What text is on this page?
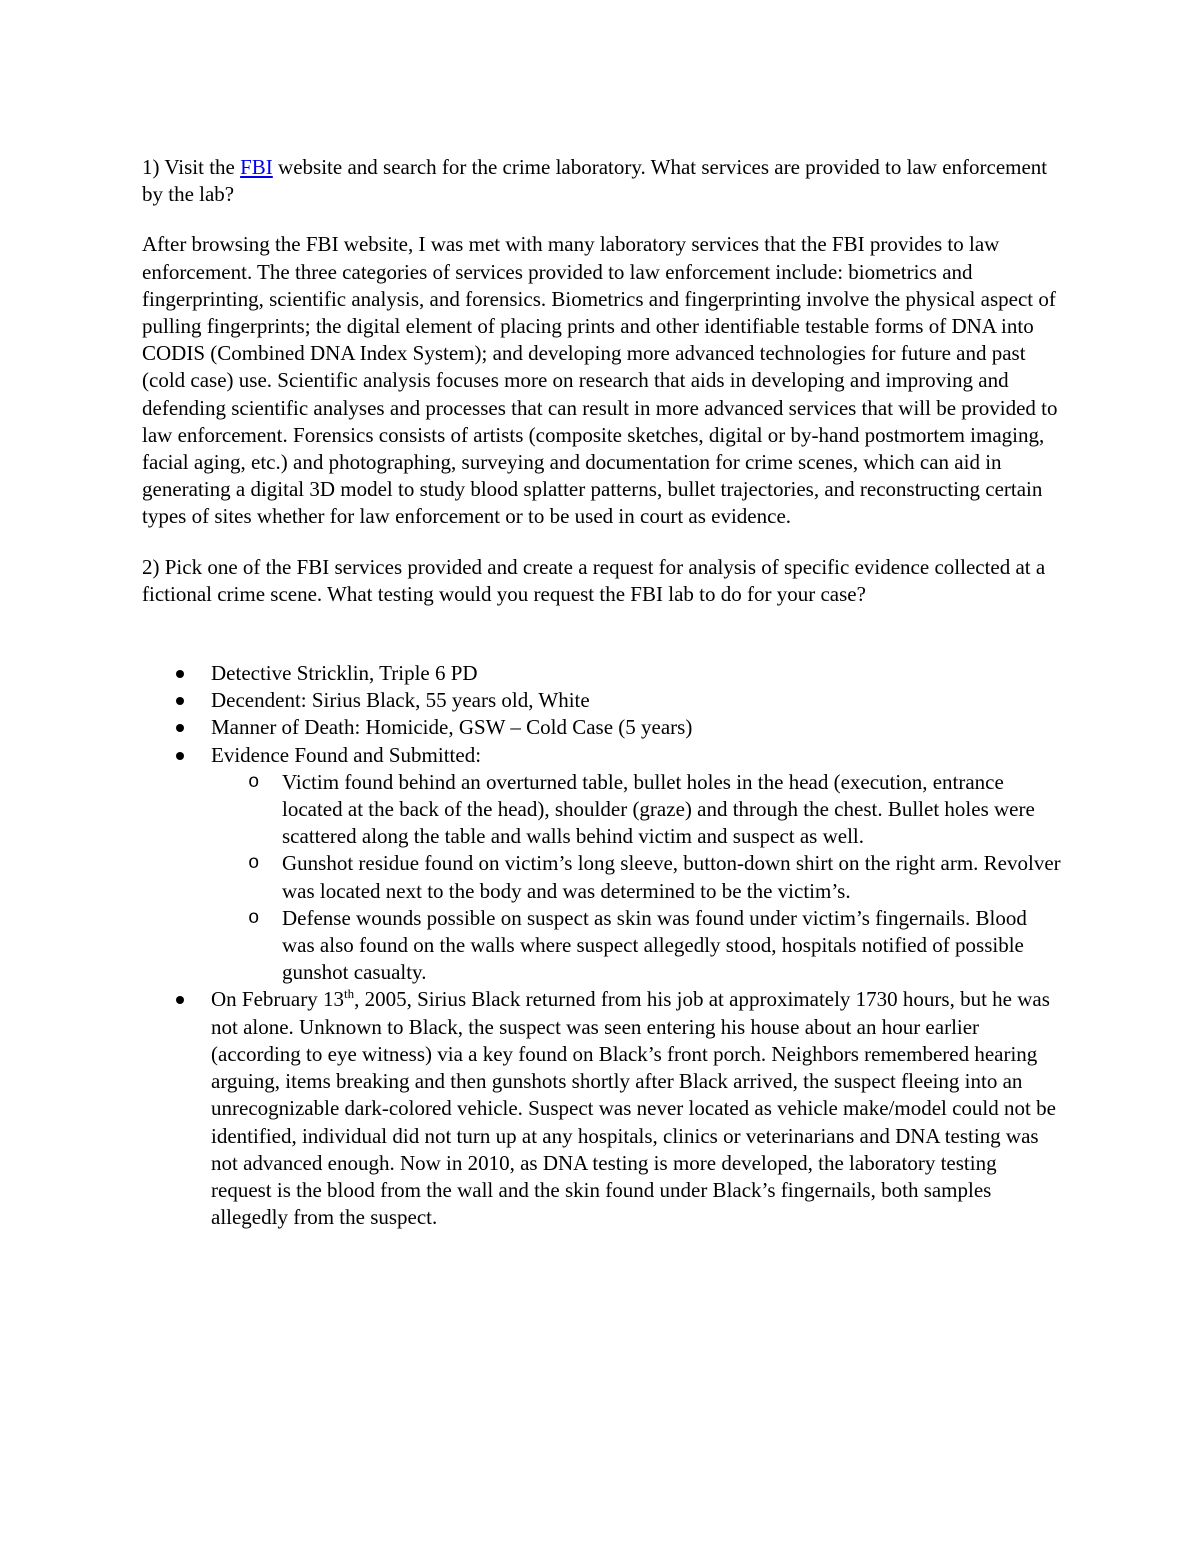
1) Visit the FBI website and search for the crime laboratory. What services are provided to law enforcement by the lab?

After browsing the FBI website, I was met with many laboratory services that the FBI provides to law enforcement. The three categories of services provided to law enforcement include: biometrics and fingerprinting, scientific analysis, and forensics. Biometrics and fingerprinting involve the physical aspect of pulling fingerprints; the digital element of placing prints and other identifiable testable forms of DNA into CODIS (Combined DNA Index System); and developing more advanced technologies for future and past (cold case) use. Scientific analysis focuses more on research that aids in developing and improving and defending scientific analyses and processes that can result in more advanced services that will be provided to law enforcement. Forensics consists of artists (composite sketches, digital or by-hand postmortem imaging, facial aging, etc.) and photographing, surveying and documentation for crime scenes, which can aid in generating a digital 3D model to study blood splatter patterns, bullet trajectories, and reconstructing certain types of sites whether for law enforcement or to be used in court as evidence.

2) Pick one of the FBI services provided and create a request for analysis of specific evidence collected at a fictional crime scene. What testing would you request the FBI lab to do for your case?

Detective Stricklin, Triple 6 PD
Decendent: Sirius Black, 55 years old, White
Manner of Death: Homicide, GSW – Cold Case (5 years)
Evidence Found and Submitted:
o Victim found behind an overturned table, bullet holes in the head (execution, entrance located at the back of the head), shoulder (graze) and through the chest. Bullet holes were scattered along the table and walls behind victim and suspect as well.
o Gunshot residue found on victim’s long sleeve, button-down shirt on the right arm. Revolver was located next to the body and was determined to be the victim’s.
o Defense wounds possible on suspect as skin was found under victim’s fingernails. Blood was also found on the walls where suspect allegedly stood, hospitals notified of possible gunshot casualty.
On February 13th, 2005, Sirius Black returned from his job at approximately 1730 hours, but he was not alone. Unknown to Black, the suspect was seen entering his house about an hour earlier (according to eye witness) via a key found on Black’s front porch. Neighbors remembered hearing arguing, items breaking and then gunshots shortly after Black arrived, the suspect fleeing into an unrecognizable dark-colored vehicle. Suspect was never located as vehicle make/model could not be identified, individual did not turn up at any hospitals, clinics or veterinarians and DNA testing was not advanced enough. Now in 2010, as DNA testing is more developed, the laboratory testing request is the blood from the wall and the skin found under Black’s fingernails, both samples allegedly from the suspect.
